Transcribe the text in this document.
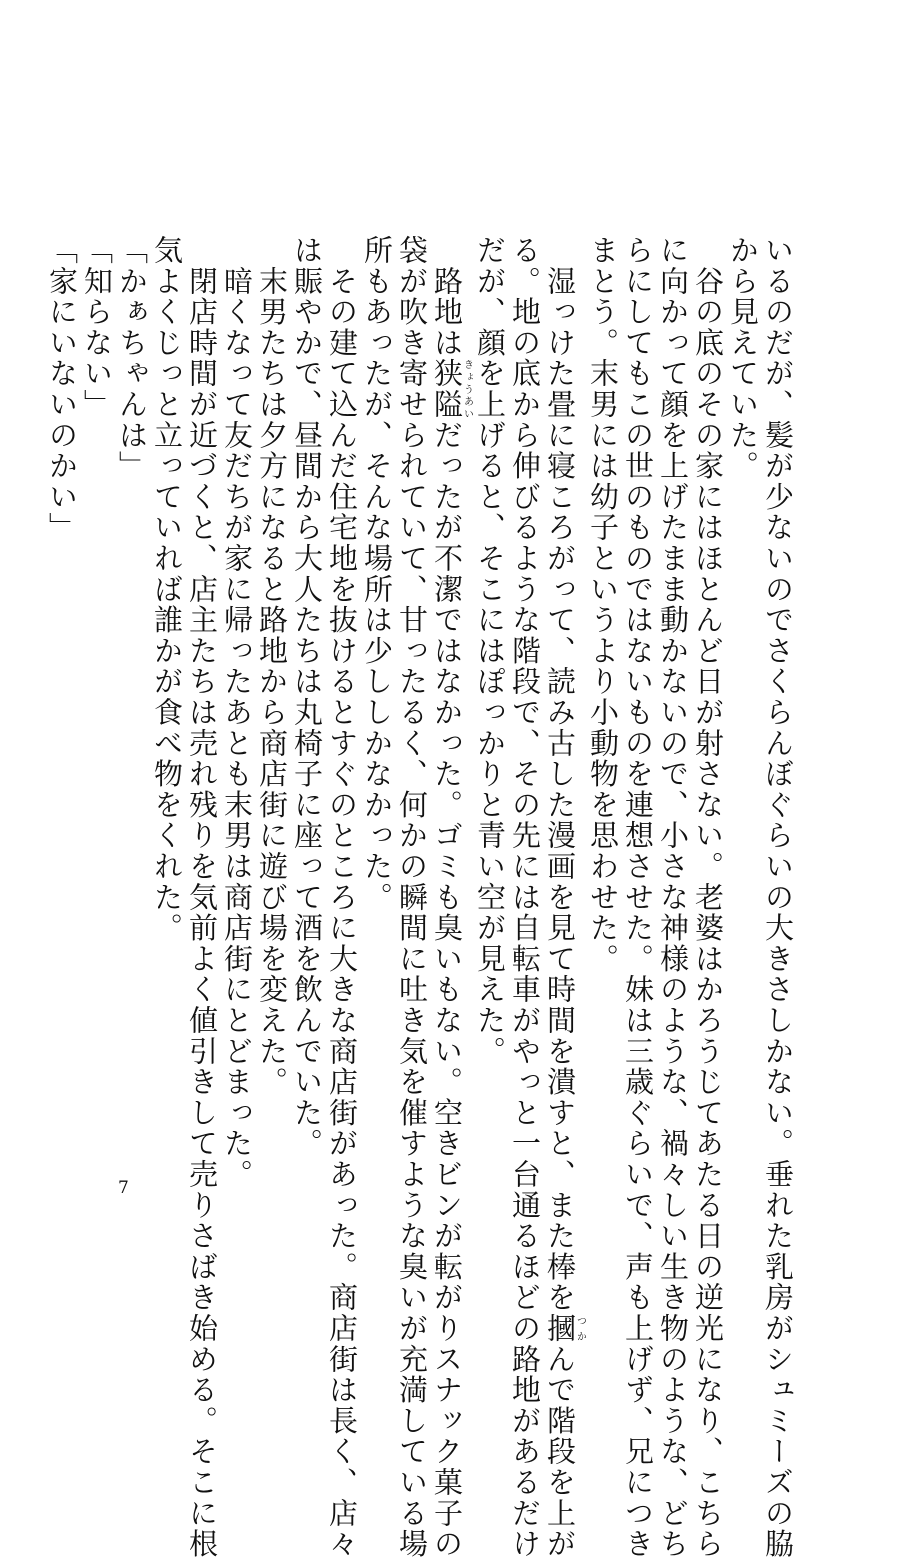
いるのだが、髪が少ないのでさくらんぼぐらいの大きさしかない。垂れた乳房がシュミーズの脇
から見えていた。
　谷の底のその家にはほとんど日が射さない。老婆はかろうじてあたる日の逆光になり、こちら
に向かって顔を上げたまま動かないので、小さな神様のような、禍々しい生き物のような、どち
らにしてもこの世のものではないものを連想させた。妹は三歳ぐらいで、声も上げず、兄につき
まとう。末男には幼子というより小動物を思わせた。
　湿っけた畳に寝ころがって、読み古した漫画を見て時間を潰すと、また棒を摑つかんで階段を上が
る。地の底から伸びるような階段で、その先には自転車がやっと一台通るほどの路地があるだけ
だが、顔を上げると、そこにはぽっかりと青い空が見えた。
　路地は狭隘きょうあいだったが不潔ではなかった。ゴミも臭いもない。空きビンが転がりスナック菓子の
袋が吹き寄せられていて、甘ったるく、何かの瞬間に吐き気を催すような臭いが充満している場
所もあったが、そんな場所は少ししかなかった。
　その建て込んだ住宅地を抜けるとすぐのところに大きな商店街があった。商店街は長く、店々
は賑やかで、昼間から大人たちは丸椅子に座って酒を飲んでいた。
　末男たちは夕方になると路地から商店街に遊び場を変えた。
　暗くなって友だちが家に帰ったあとも末男は商店街にとどまった。
　閉店時間が近づくと、店主たちは売れ残りを気前よく値引きして売りさばき始める。そこに根
気よくじっと立っていれば誰かが食べ物をくれた。
「かぁちゃんは」
「知らない」
「家にいないのかい」
7
